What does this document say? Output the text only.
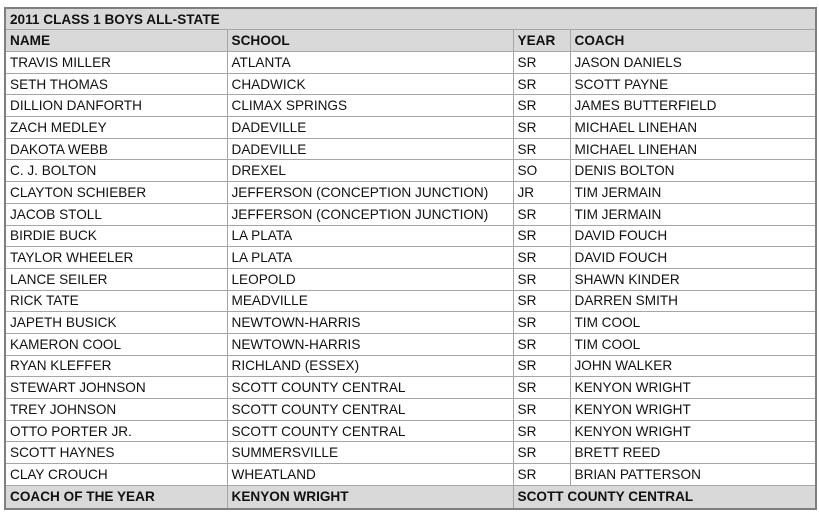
2011 CLASS 1 BOYS ALL-STATE			
NAME	SCHOOL	YEAR	COACH
TRAVIS MILLER	ATLANTA	SR	JASON DANIELS
SETH THOMAS	CHADWICK	SR	SCOTT PAYNE
DILLION DANFORTH	CLIMAX SPRINGS	SR	JAMES BUTTERFIELD
ZACH MEDLEY	DADEVILLE	SR	MICHAEL LINEHAN
DAKOTA WEBB	DADEVILLE	SR	MICHAEL LINEHAN
C. J. BOLTON	DREXEL	SO	DENIS BOLTON
CLAYTON SCHIEBER	JEFFERSON (CONCEPTION JUNCTION)	JR	TIM JERMAIN
JACOB STOLL	JEFFERSON (CONCEPTION JUNCTION)	SR	TIM JERMAIN
BIRDIE BUCK	LA PLATA	SR	DAVID FOUCH
TAYLOR WHEELER	LA PLATA	SR	DAVID FOUCH
LANCE SEILER	LEOPOLD	SR	SHAWN KINDER
RICK TATE	MEADVILLE	SR	DARREN SMITH
JAPETH BUSICK	NEWTOWN-HARRIS	SR	TIM COOL
KAMERON COOL	NEWTOWN-HARRIS	SR	TIM COOL
RYAN KLEFFER	RICHLAND (ESSEX)	SR	JOHN WALKER
STEWART JOHNSON	SCOTT COUNTY CENTRAL	SR	KENYON WRIGHT
TREY JOHNSON	SCOTT COUNTY CENTRAL	SR	KENYON WRIGHT
OTTO PORTER JR.	SCOTT COUNTY CENTRAL	SR	KENYON WRIGHT
SCOTT HAYNES	SUMMERSVILLE	SR	BRETT REED
CLAY CROUCH	WHEATLAND	SR	BRIAN PATTERSON
COACH OF THE YEAR	KENYON WRIGHT	SCOTT COUNTY CENTRAL	
